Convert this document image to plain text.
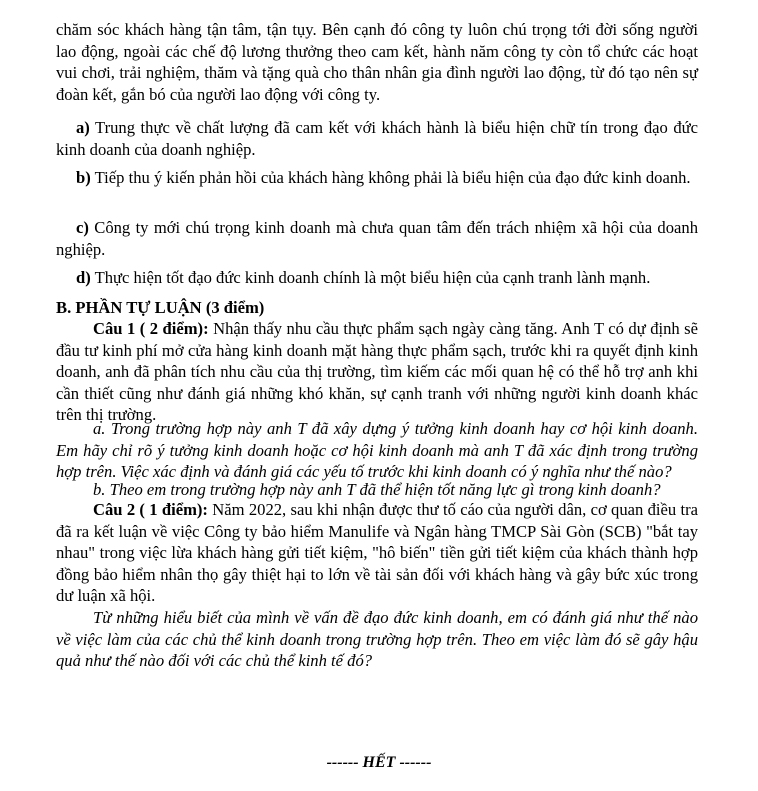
chăm sóc khách hàng tận tâm, tận tụy. Bên cạnh đó công ty luôn chú trọng tới đời sống người lao động, ngoài các chế độ lương thưởng theo cam kết, hành năm công ty còn tổ chức các hoạt vui chơi, trải nghiệm, thăm và tặng quà cho thân nhân gia đình người lao động, từ đó tạo nên sự đoàn kết, gắn bó của người lao động với công ty.

a) Trung thực về chất lượng đã cam kết với khách hành là biểu hiện chữ tín trong đạo đức kinh doanh của doanh nghiệp.

b) Tiếp thu ý kiến phản hồi của khách hàng không phải là biểu hiện của đạo đức kinh doanh.

c) Công ty mới chú trọng kinh doanh mà chưa quan tâm đến trách nhiệm xã hội của doanh nghiệp.

d) Thực hiện tốt đạo đức kinh doanh chính là một biểu hiện của cạnh tranh lành mạnh.

B. PHẦN TỰ LUẬN (3 điểm)

Câu 1 ( 2 điểm): Nhận thấy nhu cầu thực phẩm sạch ngày càng tăng. Anh T có dự định sẽ đầu tư kinh phí mở cửa hàng kinh doanh mặt hàng thực phẩm sạch, trước khi ra quyết định kinh doanh, anh đã phân tích nhu cầu của thị trường, tìm kiếm các mối quan hệ có thể hỗ trợ anh khi cần thiết cũng như đánh giá những khó khăn, sự cạnh tranh với những người kinh doanh khác trên thị trường.

a. Trong trường hợp này anh T đã xây dựng ý tưởng kinh doanh hay cơ hội kinh doanh. Em hãy chỉ rõ ý tưởng kinh doanh hoặc cơ hội kinh doanh mà anh T đã xác định trong trường hợp trên. Việc xác định và đánh giá các yếu tố trước khi kinh doanh có ý nghĩa như thế nào?

b. Theo em trong trường hợp này anh T đã thể hiện tốt năng lực gì trong kinh doanh?

Câu 2 ( 1 điểm): Năm 2022, sau khi nhận được thư tố cáo của người dân, cơ quan điều tra đã ra kết luận về việc Công ty bảo hiểm Manulife và Ngân hàng TMCP Sài Gòn (SCB) "bắt tay nhau" trong việc lừa khách hàng gửi tiết kiệm, "hô biến" tiền gửi tiết kiệm của khách thành hợp đồng bảo hiểm nhân thọ gây thiệt hại to lớn về tài sản đối với khách hàng và gây bức xúc trong dư luận xã hội.

Từ những hiểu biết của mình về vấn đề đạo đức kinh doanh, em có đánh giá như thế nào về việc làm của các chủ thể kinh doanh trong trường hợp trên. Theo em việc làm đó sẽ gây hậu quả như thế nào đối với các chủ thể kinh tế đó?

------ HẾT ------
